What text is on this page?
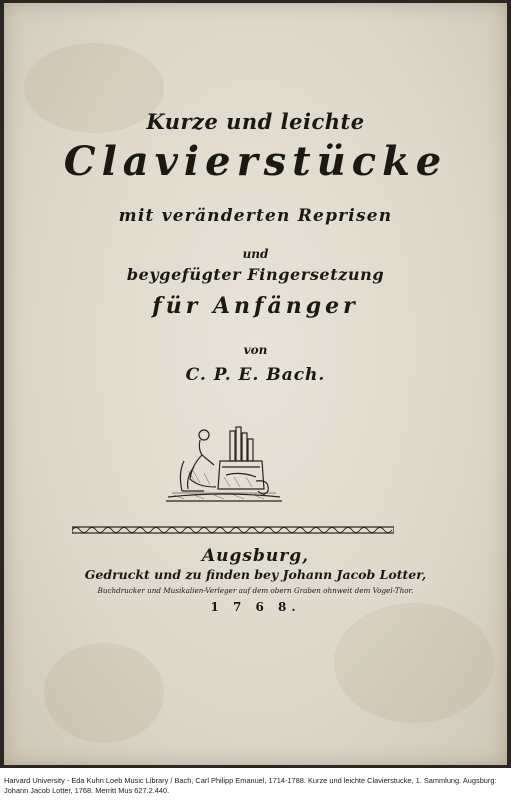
Kurze und leichte
Clavierstücke
mit veränderten Reprisen
und
beygefügter Fingersetzung
für Anfänger
von
C. P. E. Bach.
Augsburg,
Gedruckt und zu finden bey Johann Jacob Lotter,
Buchdrucker und Musikalien-Verleger auf dem obern Graben ohnweit dem Vogel-Thor.
1 7 6 8.
Harvard University - Eda Kuhn Loeb Music Library / Bach, Carl Philipp Emanuel, 1714-1788. Kurze und leichte Clavierstucke, 1. Sammlung. Augsburg: Johann Jacob Lotter, 1768. Merritt Mus 627.2.440.
